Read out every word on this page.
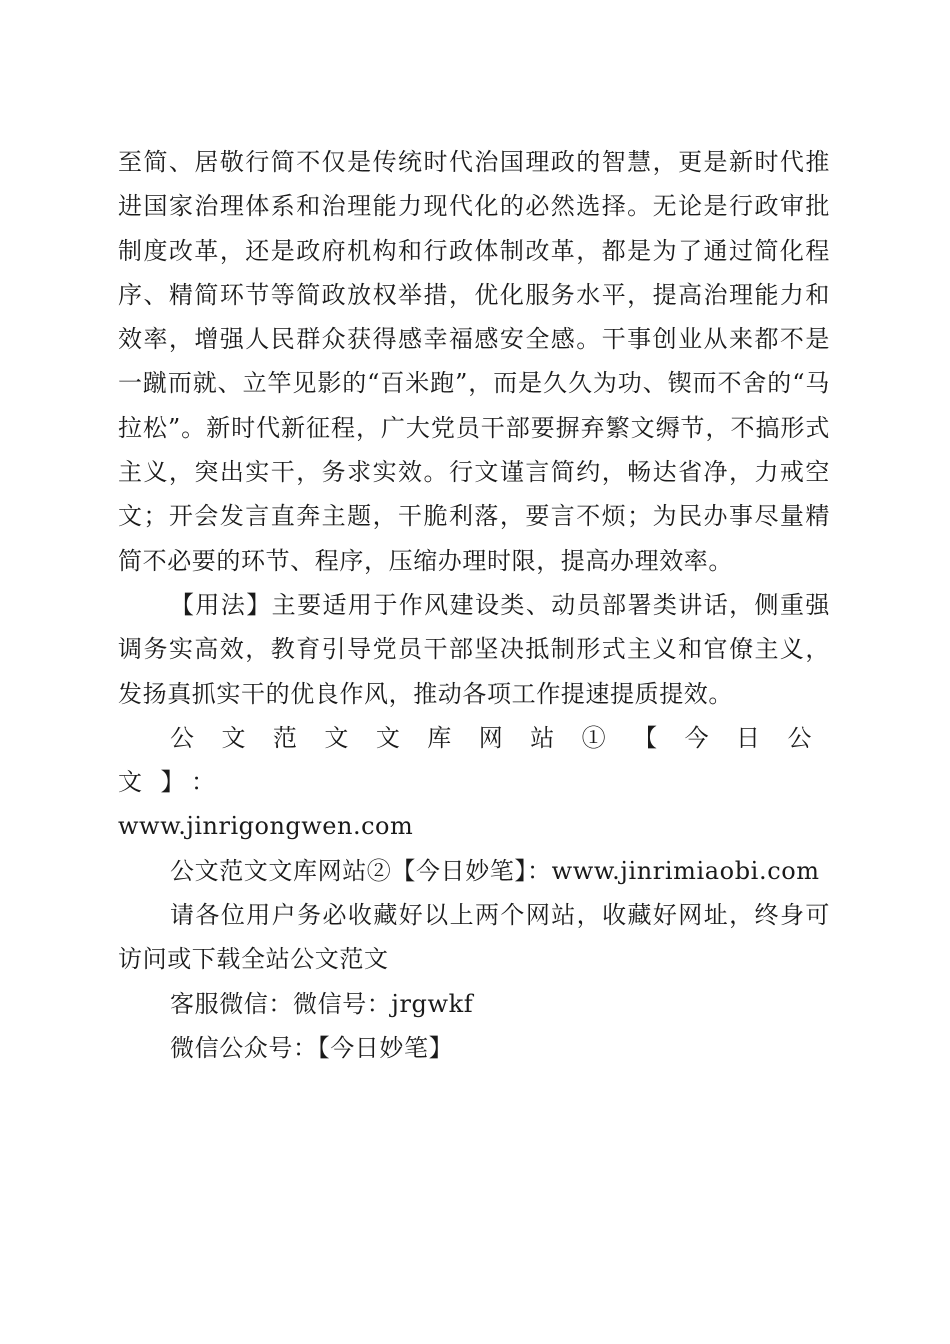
至简、居敬行简不仅是传统时代治国理政的智慧，更是新时代推进国家治理体系和治理能力现代化的必然选择。无论是行政审批制度改革，还是政府机构和行政体制改革，都是为了通过简化程序、精简环节等简政放权举措，优化服务水平，提高治理能力和效率，增强人民群众获得感幸福感安全感。干事创业从来都不是一蹴而就、立竿见影的“百米跑”，而是久久为功、锲而不舍的“马拉松”。新时代新征程，广大党员干部要摒弃繁文缛节，不搞形式主义，突出实干，务求实效。行文谨言简约，畅达省净，力戒空文；开会发言直奔主题，干脆利落，要言不烦；为民办事尽量精简不必要的环节、程序，压缩办理时限，提高办理效率。

【用法】主要适用于作风建设类、动员部署类讲话，侧重强调务实高效，教育引导党员干部坚决抵制形式主义和官僚主义，发扬真抓实干的优良作风，推动各项工作提速提质提效。

公文范文文库网站①【今日公文】：

www.jinrigongwen.com

公文范文文库网站②【今日妙笔】：www.jinrimiaobi.com

请各位用户务必收藏好以上两个网站，收藏好网址，终身可访问或下载全站公文范文

客服微信：微信号：jrgwkf

微信公众号：【今日妙笔】
